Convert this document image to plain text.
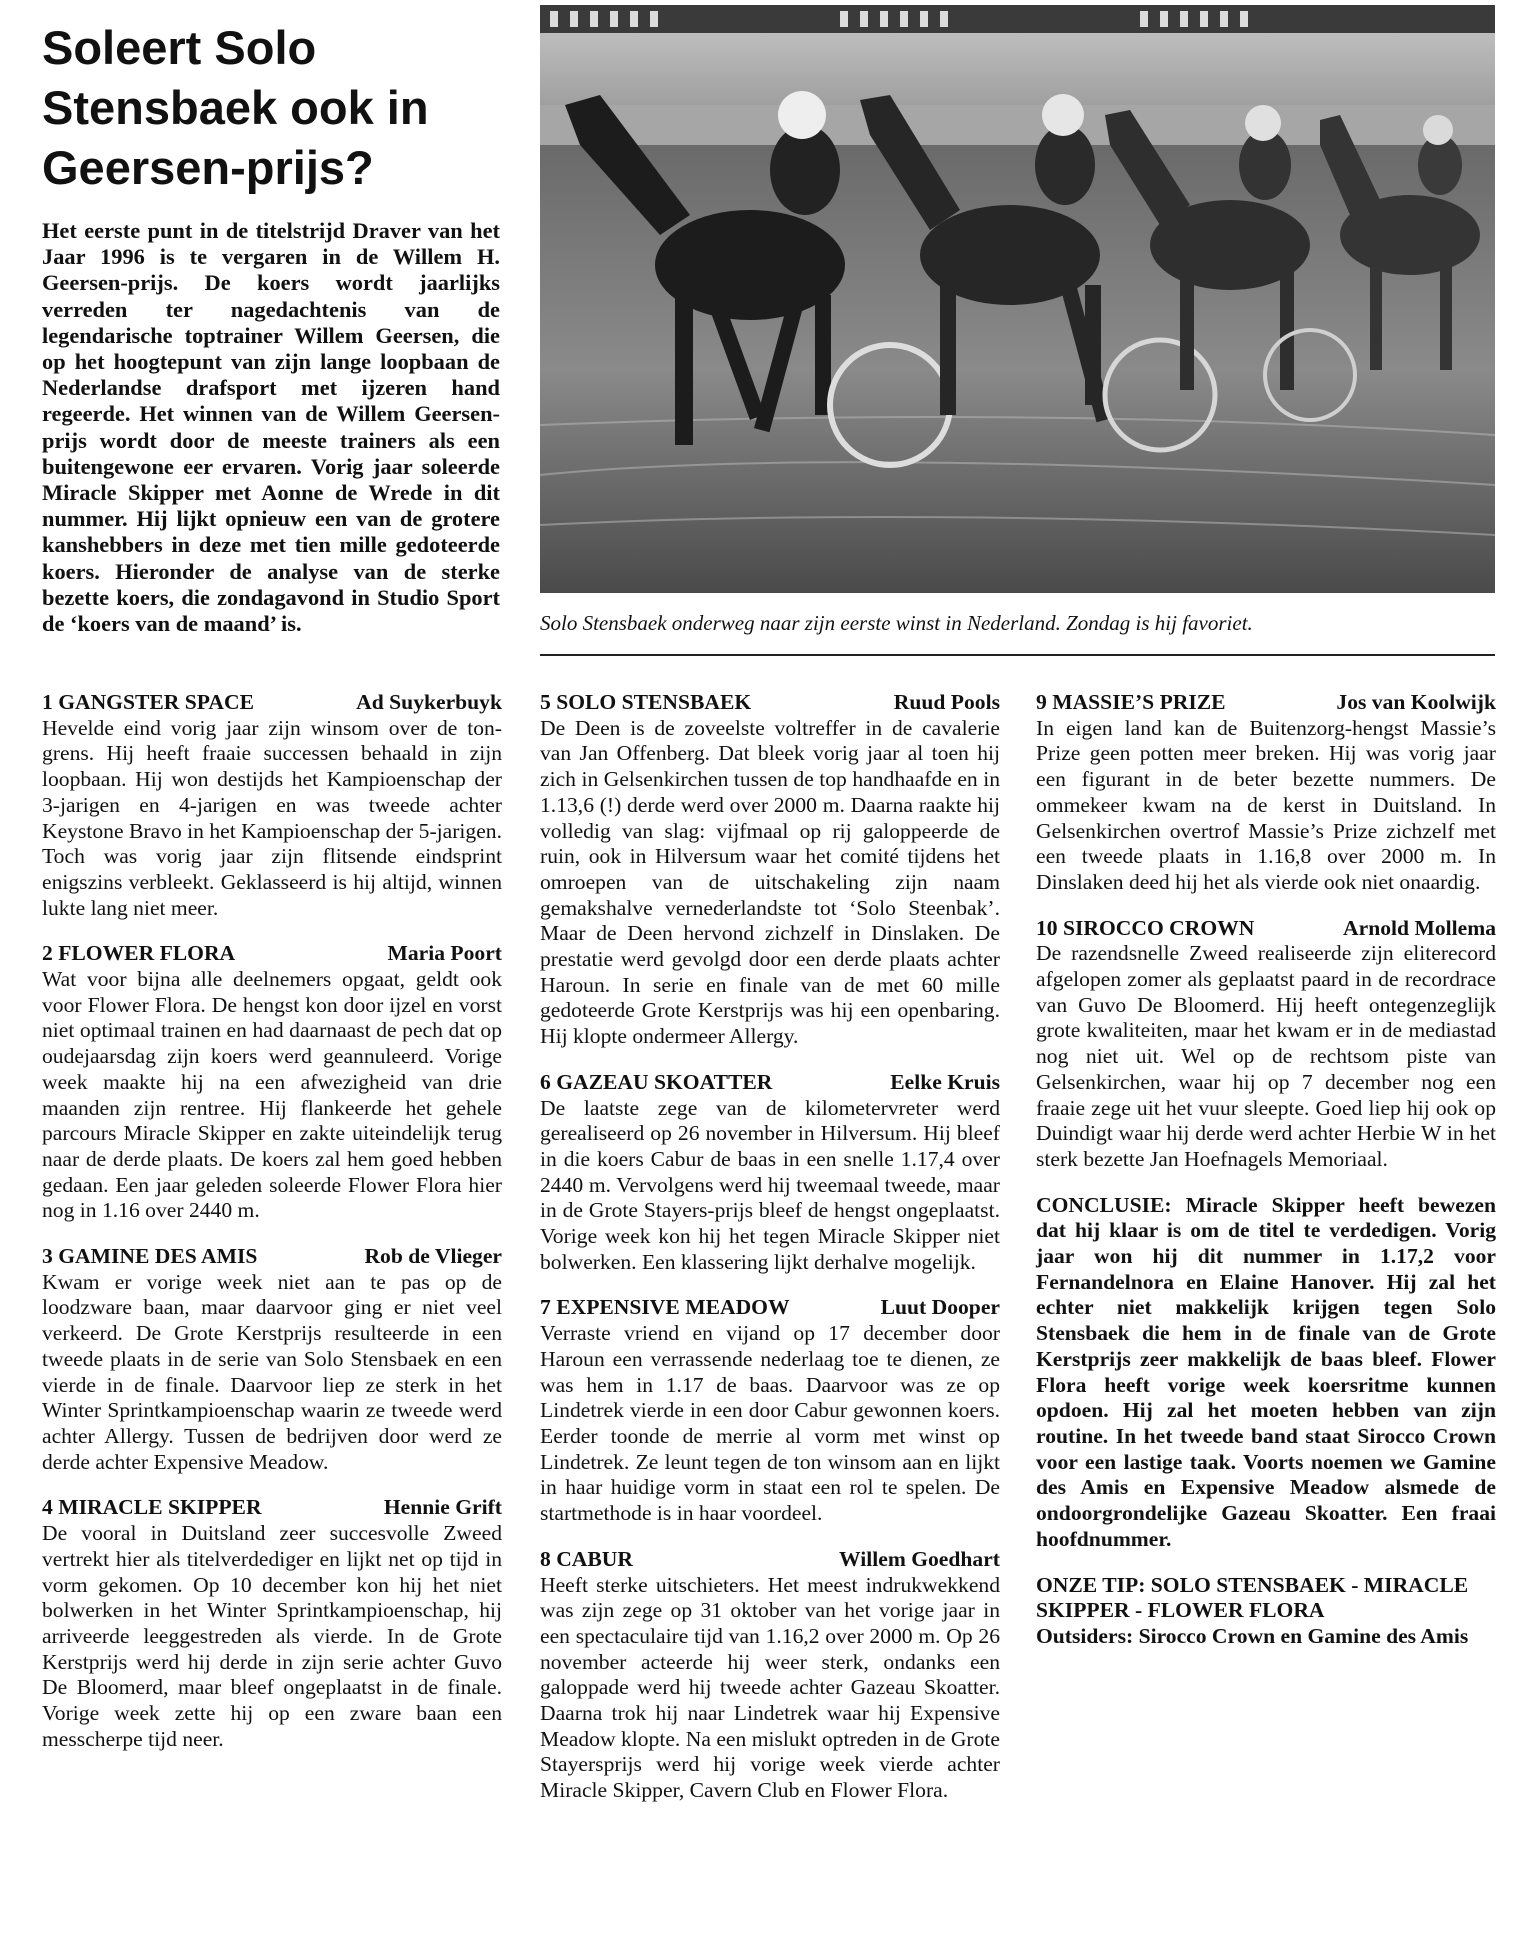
Soleert Solo Stensbaek ook in Geersen-prijs?
Het eerste punt in de titelstrijd Draver van het Jaar 1996 is te vergaren in de Willem H. Geersen-prijs. De koers wordt jaarlijks verreden ter nagedachtenis van de legendarische toptrainer Willem Geersen, die op het hoogtepunt van zijn lange loopbaan de Nederlandse drafsport met ijzeren hand regeerde. Het winnen van de Willem Geersen-prijs wordt door de meeste trainers als een buitengewone eer ervaren. Vorig jaar soleerde Miracle Skipper met Aonne de Wrede in dit nummer. Hij lijkt opnieuw een van de grotere kanshebbers in deze met tien mille gedoteerde koers. Hieronder de analyse van de sterke bezette koers, die zondagavond in Studio Sport de ‘koers van de maand’ is.	Solo Stensbaek onderweg naar zijn eerste winst in Nederland. Zondag is hij favoriet.
1 GANGSTER SPACE	Ad Suykerbuyk

Hevelde eind vorig jaar zijn winsom over de ton-grens. Hij heeft fraaie successen behaald in zijn loopbaan. Hij won destijds het Kampioenschap der 3-jarigen en 4-jarigen en was tweede achter Keystone Bravo in het Kampioenschap der 5-jarigen. Toch was vorig jaar zijn flitsende eindsprint enigszins verbleekt. Geklasseerd is hij altijd, winnen lukte lang niet meer.

2 FLOWER FLORA	Maria Poort

Wat voor bijna alle deelnemers opgaat, geldt ook voor Flower Flora. De hengst kon door ijzel en vorst niet optimaal trainen en had daarnaast de pech dat op oudejaarsdag zijn koers werd geannuleerd. Vorige week maakte hij na een afwezigheid van drie maanden zijn rentree. Hij flankeerde het gehele parcours Miracle Skipper en zakte uiteindelijk terug naar de derde plaats. De koers zal hem goed hebben gedaan. Een jaar geleden soleerde Flower Flora hier nog in 1.16 over 2440 m.

3 GAMINE DES AMIS	Rob de Vlieger

Kwam er vorige week niet aan te pas op de loodzware baan, maar daarvoor ging er niet veel verkeerd. De Grote Kerstprijs resulteerde in een tweede plaats in de serie van Solo Stensbaek en een vierde in de finale. Daarvoor liep ze sterk in het Winter Sprintkampioenschap waarin ze tweede werd achter Allergy. Tussen de bedrijven door werd ze derde achter Expensive Meadow.

4 MIRACLE SKIPPER	Hennie Grift

De vooral in Duitsland zeer succesvolle Zweed vertrekt hier als titelverdediger en lijkt net op tijd in vorm gekomen. Op 10 december kon hij het niet bolwerken in het Winter Sprintkampioenschap, hij arriveerde leeggestreden als vierde. In de Grote Kerstprijs werd hij derde in zijn serie achter Guvo De Bloomerd, maar bleef ongeplaatst in de finale. Vorige week zette hij op een zware baan een messcherpe tijd neer.

5 SOLO STENSBAEK	Ruud Pools

De Deen is de zoveelste voltreffer in de cavalerie van Jan Offenberg. Dat bleek vorig jaar al toen hij zich in Gelsenkirchen tussen de top handhaafde en in 1.13,6 (!) derde werd over 2000 m. Daarna raakte hij volledig van slag: vijfmaal op rij galoppeerde de ruin, ook in Hilversum waar het comité tijdens het omroepen van de uitschakeling zijn naam gemakshalve vernederlandste tot ‘Solo Steenbak’. Maar de Deen hervond zichzelf in Dinslaken. De prestatie werd gevolgd door een derde plaats achter Haroun. In serie en finale van de met 60 mille gedoteerde Grote Kerstprijs was hij een openbaring. Hij klopte ondermeer Allergy.

6 GAZEAU SKOATTER	Eelke Kruis

De laatste zege van de kilometervreter werd gerealiseerd op 26 november in Hilversum. Hij bleef in die koers Cabur de baas in een snelle 1.17,4 over 2440 m. Vervolgens werd hij tweemaal tweede, maar in de Grote Stayers-prijs bleef de hengst ongeplaatst. Vorige week kon hij het tegen Miracle Skipper niet bolwerken. Een klassering lijkt derhalve mogelijk.

7 EXPENSIVE MEADOW	Luut Dooper

Verraste vriend en vijand op 17 december door Haroun een verrassende nederlaag toe te dienen, ze was hem in 1.17 de baas. Daarvoor was ze op Lindetrek vierde in een door Cabur gewonnen koers. Eerder toonde de merrie al vorm met winst op Lindetrek. Ze leunt tegen de ton winsom aan en lijkt in haar huidige vorm in staat een rol te spelen. De startmethode is in haar voordeel.

8 CABUR	Willem Goedhart

Heeft sterke uitschieters. Het meest indrukwekkend was zijn zege op 31 oktober van het vorige jaar in een spectaculaire tijd van 1.16,2 over 2000 m. Op 26 november acteerde hij weer sterk, ondanks een galoppade werd hij tweede achter Gazeau Skoatter. Daarna trok hij naar Lindetrek waar hij Expensive Meadow klopte. Na een mislukt optreden in de Grote Stayersprijs werd hij vorige week vierde achter Miracle Skipper, Cavern Club en Flower Flora.

9 MASSIE’S PRIZE	Jos van Koolwijk

In eigen land kan de Buitenzorg-hengst Massie’s Prize geen potten meer breken. Hij was vorig jaar een figurant in de beter bezette nummers. De ommekeer kwam na de kerst in Duitsland. In Gelsenkirchen overtrof Massie’s Prize zichzelf met een tweede plaats in 1.16,8 over 2000 m. In Dinslaken deed hij het als vierde ook niet onaardig.

10 SIROCCO CROWN	Arnold Mollema

De razendsnelle Zweed realiseerde zijn eliterecord afgelopen zomer als geplaatst paard in de recordrace van Guvo De Bloomerd. Hij heeft ontegenzeglijk grote kwaliteiten, maar het kwam er in de mediastad nog niet uit. Wel op de rechtsom piste van Gelsenkirchen, waar hij op 7 december nog een fraaie zege uit het vuur sleepte. Goed liep hij ook op Duindigt waar hij derde werd achter Herbie W in het sterk bezette Jan Hoefnagels Memoriaal.

CONCLUSIE: Miracle Skipper heeft bewezen dat hij klaar is om de titel te verdedigen. Vorig jaar won hij dit nummer in 1.17,2 voor Fernandelnora en Elaine Hanover. Hij zal het echter niet makkelijk krijgen tegen Solo Stensbaek die hem in de finale van de Grote Kerstprijs zeer makkelijk de baas bleef. Flower Flora heeft vorige week koersritme kunnen opdoen. Hij zal het moeten hebben van zijn routine. In het tweede band staat Sirocco Crown voor een lastige taak. Voorts noemen we Gamine des Amis en Expensive Meadow alsmede de ondoorgrondelijke Gazeau Skoatter. Een fraai hoofdnummer.

ONZE TIP: SOLO STENSBAEK - MIRACLE SKIPPER - FLOWER FLORA

Outsiders: Sirocco Crown en Gamine des Amis
